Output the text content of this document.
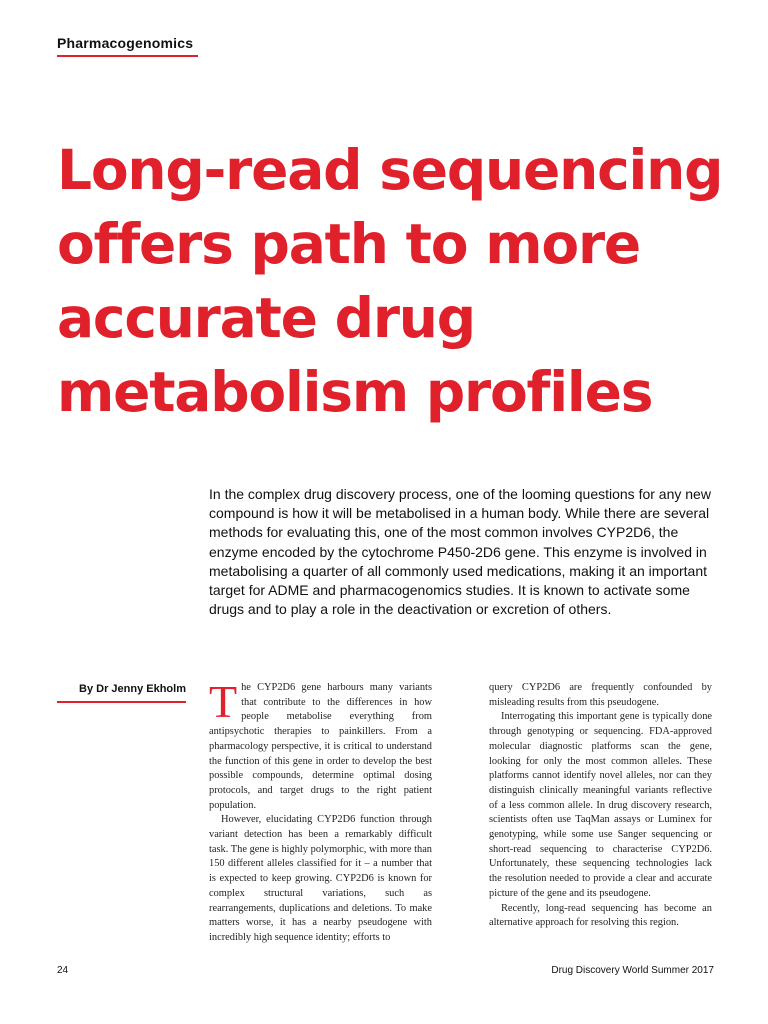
Pharmacogenomics
Long-read sequencing
offers path to more
accurate drug
metabolism profiles

In the complex drug discovery process, one of the looming questions for any new compound is how it will be metabolised in a human body. While there are several methods for evaluating this, one of the most common involves CYP2D6, the enzyme encoded by the cytochrome P450-2D6 gene. This enzyme is involved in metabolising a quarter of all commonly used medications, making it an important target for ADME and pharmacogenomics studies. It is known to activate some drugs and to play a role in the deactivation or excretion of others.

By Dr Jenny Ekholm The CYP2D6 gene harbours many variants that contribute to the differences in how people metabolise everything from antipsychotic therapies to painkillers. From a pharmacology perspective, it is critical to understand the function of this gene in order to develop the best possible compounds, determine optimal dosing protocols, and target drugs to the right patient population.

However, elucidating CYP2D6 function through variant detection has been a remarkably difficult task. The gene is highly polymorphic, with more than 150 different alleles classified for it – a number that is expected to keep growing. CYP2D6 is known for complex structural variations, such as rearrangements, duplications and deletions. To make matters worse, it has a nearby pseudogene with incredibly high sequence identity; efforts to

query CYP2D6 are frequently confounded by misleading results from this pseudogene.

Interrogating this important gene is typically done through genotyping or sequencing. FDA-approved molecular diagnostic platforms scan the gene, looking for only the most common alleles. These platforms cannot identify novel alleles, nor can they distinguish clinically meaningful variants reflective of a less common allele. In drug discovery research, scientists often use TaqMan assays or Luminex for genotyping, while some use Sanger sequencing or short-read sequencing to characterise CYP2D6. Unfortunately, these sequencing technologies lack the resolution needed to provide a clear and accurate picture of the gene and its pseudogene.

Recently, long-read sequencing has become an alternative approach for resolving this region.

24	Drug Discovery World Summer 2017
